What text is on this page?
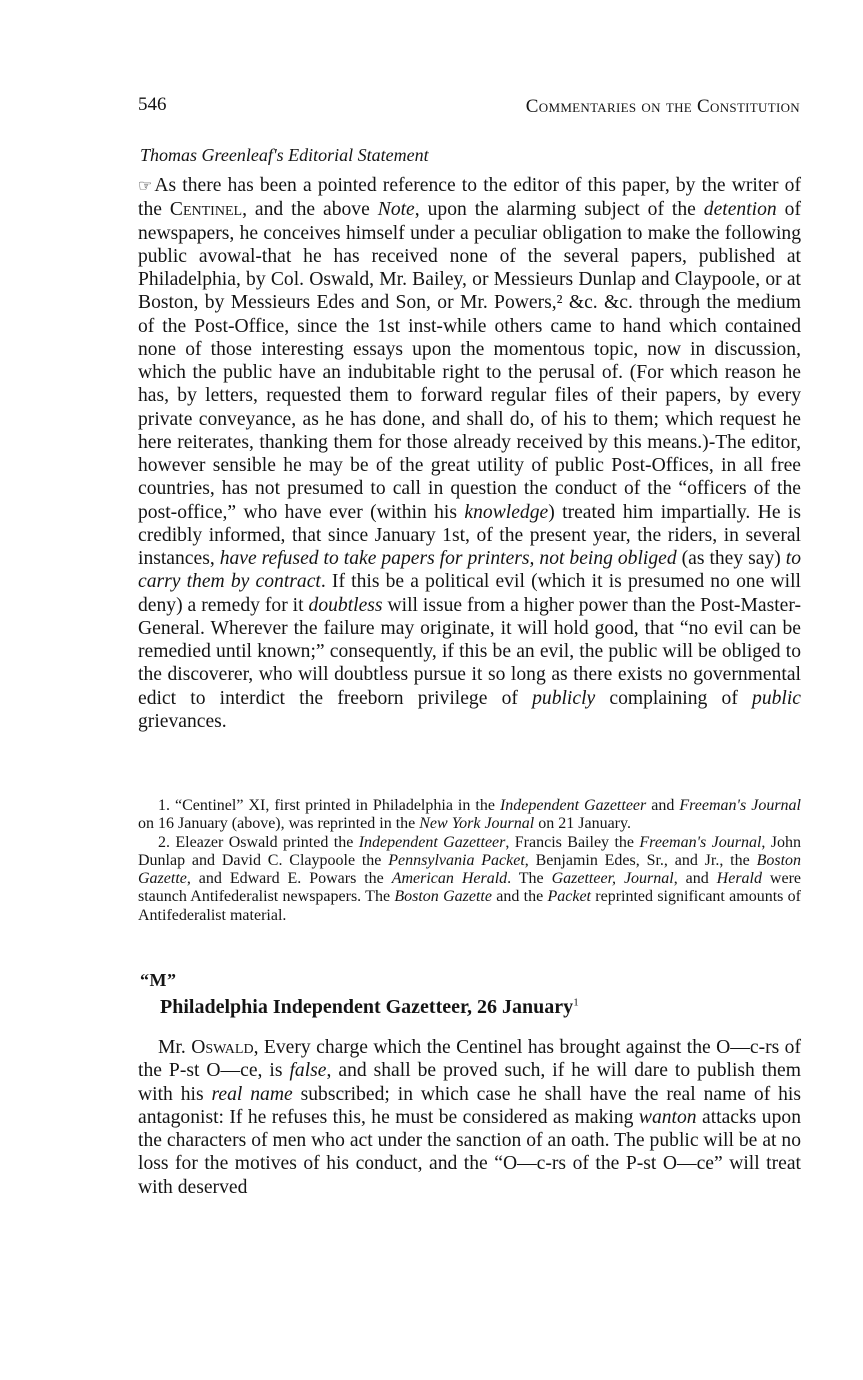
546	Commentaries on the Constitution
Thomas Greenleaf's Editorial Statement
☞ As there has been a pointed reference to the editor of this paper, by the writer of the Centinel, and the above Note, upon the alarming subject of the detention of newspapers, he conceives himself under a peculiar obligation to make the following public avowal-that he has received none of the several papers, published at Philadelphia, by Col. Oswald, Mr. Bailey, or Messieurs Dunlap and Claypoole, or at Boston, by Messieurs Edes and Son, or Mr. Powers,² &c. &c. through the medium of the Post-Office, since the 1st inst-while others came to hand which contained none of those interesting essays upon the momentous topic, now in discussion, which the public have an indubitable right to the perusal of. (For which reason he has, by letters, requested them to forward regular files of their papers, by every private conveyance, as he has done, and shall do, of his to them; which request he here reiterates, thanking them for those already received by this means.)-The editor, however sensible he may be of the great utility of public Post-Offices, in all free countries, has not presumed to call in question the conduct of the “officers of the post-office,” who have ever (within his knowledge) treated him impartially. He is credibly informed, that since January 1st, of the present year, the riders, in several instances, have refused to take papers for printers, not being obliged (as they say) to carry them by contract. If this be a political evil (which it is presumed no one will deny) a remedy for it doubtless will issue from a higher power than the Post-Master-General. Wherever the failure may originate, it will hold good, that “no evil can be remedied until known;” consequently, if this be an evil, the public will be obliged to the discoverer, who will doubtless pursue it so long as there exists no governmental edict to interdict the freeborn privilege of publicly complaining of public grievances.

1. “Centinel” XI, first printed in Philadelphia in the Independent Gazetteer and Freeman's Journal on 16 January (above), was reprinted in the New York Journal on 21 January.

2. Eleazer Oswald printed the Independent Gazetteer, Francis Bailey the Freeman's Journal, John Dunlap and David C. Claypoole the Pennsylvania Packet, Benjamin Edes, Sr., and Jr., the Boston Gazette, and Edward E. Powars the American Herald. The Gazetteer, Journal, and Herald were staunch Antifederalist newspapers. The Boston Gazette and the Packet reprinted significant amounts of Antifederalist material.

“M”
Philadelphia Independent Gazetteer, 26 January$^1$

Mr. Oswald, Every charge which the Centinel has brought against the O—c-rs of the P-st O—ce, is false, and shall be proved such, if he will dare to publish them with his real name subscribed; in which case he shall have the real name of his antagonist: If he refuses this, he must be considered as making wanton attacks upon the characters of men who act under the sanction of an oath. The public will be at no loss for the motives of his conduct, and the “O—c-rs of the P-st O—ce” will treat with deserved
